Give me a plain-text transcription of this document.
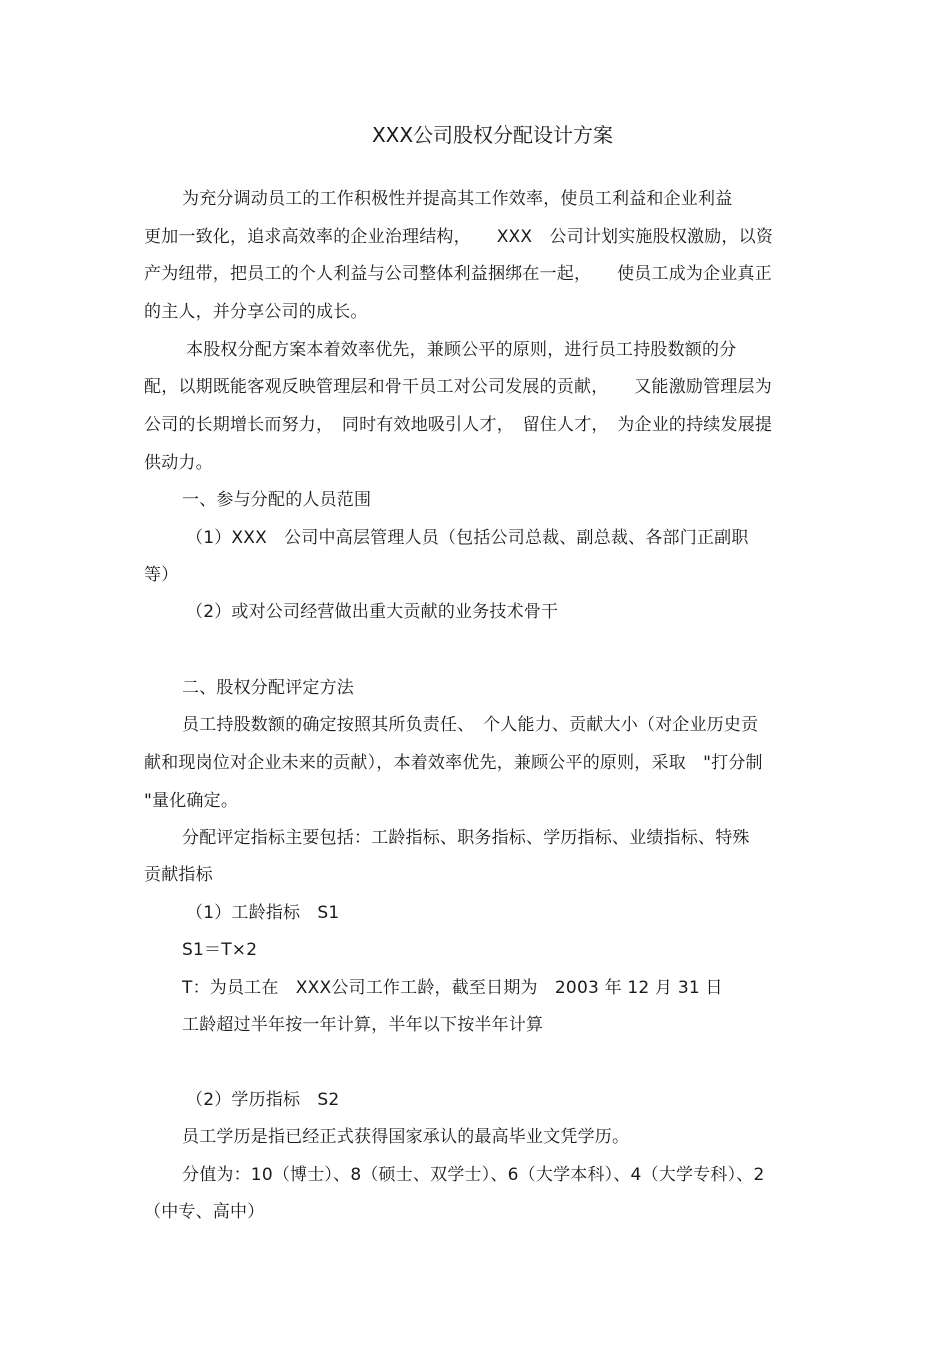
XXX公司股权分配设计方案
为充分调动员工的工作积极性并提高其工作效率，使员工利益和企业利益
更加一致化，追求高效率的企业治理结构，　　XXX　公司计划实施股权激励，以资
产为纽带，把员工的个人利益与公司整体利益捆绑在一起，　　使员工成为企业真正
的主人，并分享公司的成长。
本股权分配方案本着效率优先，兼顾公平的原则，进行员工持股数额的分
配，以期既能客观反映管理层和骨干员工对公司发展的贡献，　　又能激励管理层为
公司的长期增长而努力，　同时有效地吸引人才，　留住人才，　为企业的持续发展提
供动力。
一、参与分配的人员范围
（1）XXX　公司中高层管理人员（包括公司总裁、副总裁、各部门正副职
等）
（2）或对公司经营做出重大贡献的业务技术骨干
二、股权分配评定方法
员工持股数额的确定按照其所负责任、　个人能力、贡献大小（对企业历史贡
献和现岗位对企业未来的贡献），本着效率优先，兼顾公平的原则，采取　"打分制
"量化确定。
分配评定指标主要包括：工龄指标、职务指标、学历指标、业绩指标、特殊
贡献指标
（1）工龄指标　S1
S1＝T×2
T：为员工在　XXX公司工作工龄，截至日期为　2003 年 12 月 31 日
工龄超过半年按一年计算，半年以下按半年计算
（2）学历指标　S2
员工学历是指已经正式获得国家承认的最高毕业文凭学历。
分值为：10（博士）、8（硕士、双学士）、6（大学本科）、4（大学专科）、2
（中专、高中）
